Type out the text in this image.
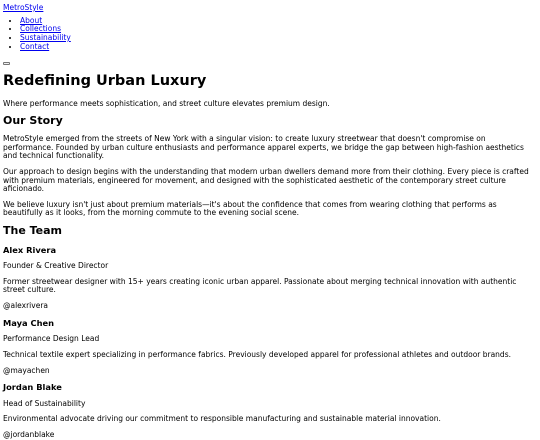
MetroStyle
• About
• Collections
• Sustainability
• Contact
Redefining Urban Luxury

Where performance meets sophistication, and street culture elevates premium design.

Our Story

MetroStyle emerged from the streets of New York with a singular vision: to create luxury streetwear that doesn't compromise on performance. Founded by urban culture enthusiasts and performance apparel experts, we bridge the gap between high-fashion aesthetics and technical functionality.

Our approach to design begins with the understanding that modern urban dwellers demand more from their clothing. Every piece is crafted with premium materials, engineered for movement, and designed with the sophisticated aesthetic of the contemporary street culture aficionado.

We believe luxury isn't just about premium materials—it's about the confidence that comes from wearing clothing that performs as beautifully as it looks, from the morning commute to the evening social scene.

The Team
Alex Rivera

Founder & Creative Director

Former streetwear designer with 15+ years creating iconic urban apparel. Passionate about merging technical innovation with authentic street culture.

@alexrivera

Maya Chen

Performance Design Lead

Technical textile expert specializing in performance fabrics. Previously developed apparel for professional athletes and outdoor brands.

@mayachen

Jordan Blake

Head of Sustainability

Environmental advocate driving our commitment to responsible manufacturing and sustainable material innovation.

@jordanblake
